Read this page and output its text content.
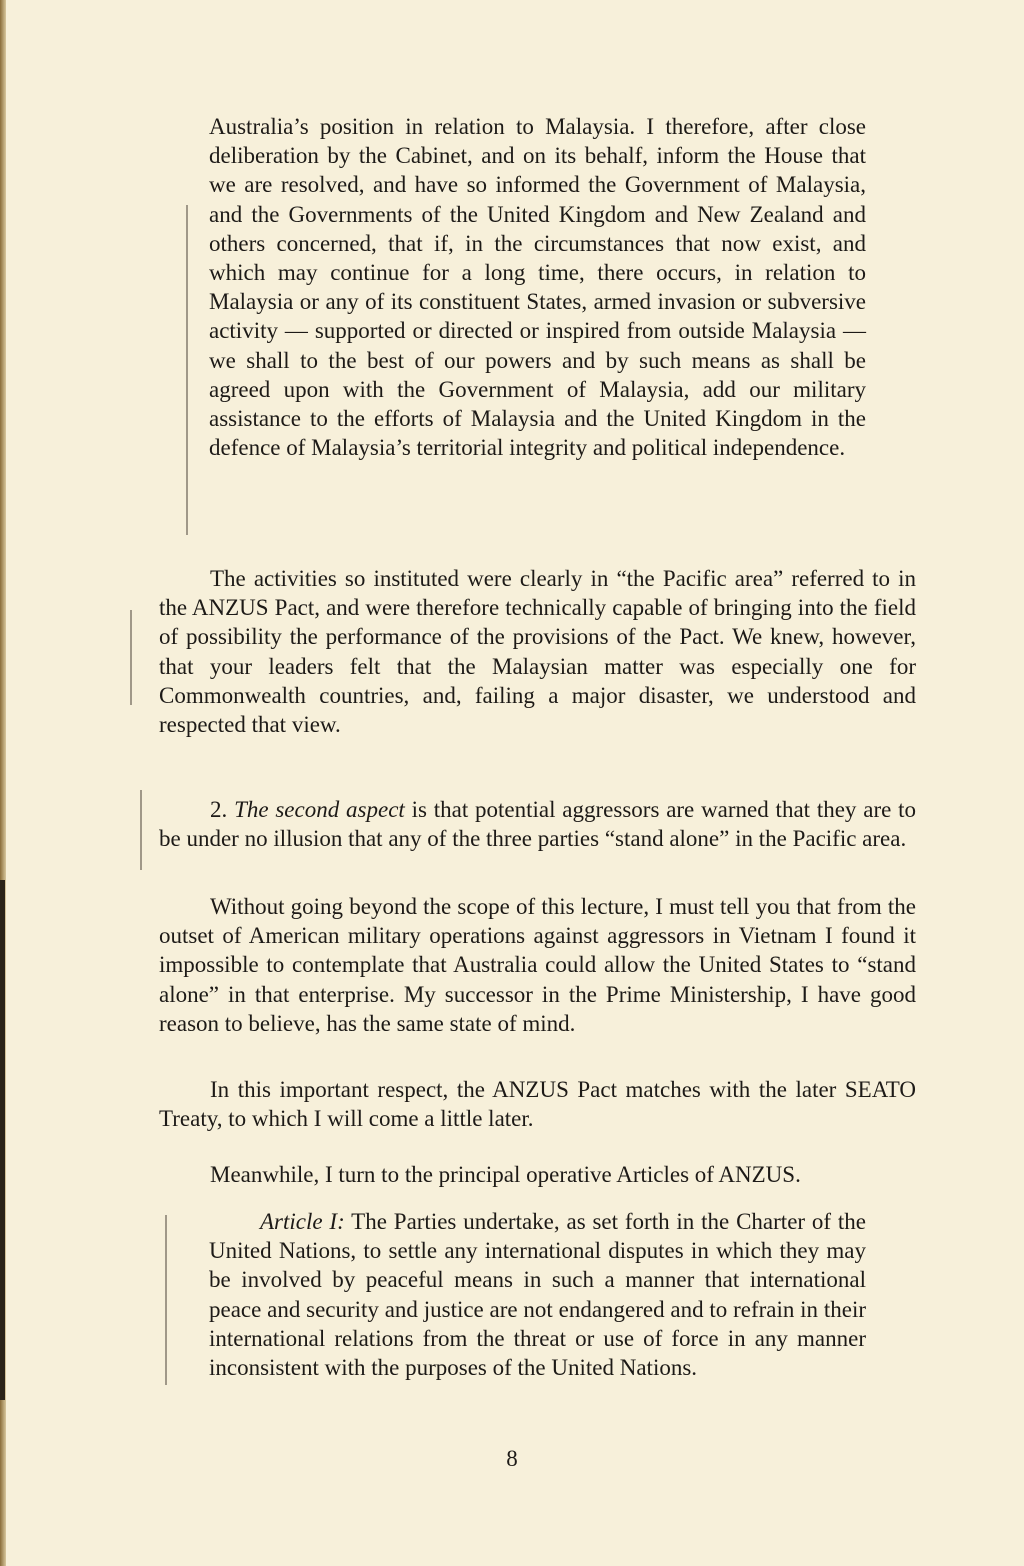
Australia’s position in relation to Malaysia. I therefore, after close deliberation by the Cabinet, and on its behalf, inform the House that we are resolved, and have so informed the Government of Malaysia, and the Governments of the United Kingdom and New Zealand and others concerned, that if, in the circumstances that now exist, and which may continue for a long time, there occurs, in relation to Malaysia or any of its constituent States, armed invasion or subversive activity — supported or directed or inspired from outside Malaysia — we shall to the best of our powers and by such means as shall be agreed upon with the Government of Malaysia, add our military assistance to the efforts of Malaysia and the United Kingdom in the defence of Malaysia’s territorial integrity and political independence.

The activities so instituted were clearly in “the Pacific area” referred to in the ANZUS Pact, and were therefore technically capable of bringing into the field of possibility the performance of the provisions of the Pact. We knew, however, that your leaders felt that the Malaysian matter was especially one for Commonwealth countries, and, failing a major disaster, we understood and respected that view.

2. The second aspect is that potential aggressors are warned that they are to be under no illusion that any of the three parties “stand alone” in the Pacific area.

Without going beyond the scope of this lecture, I must tell you that from the outset of American military operations against aggressors in Vietnam I found it impossible to contemplate that Australia could allow the United States to “stand alone” in that enterprise. My successor in the Prime Ministership, I have good reason to believe, has the same state of mind.

In this important respect, the ANZUS Pact matches with the later SEATO Treaty, to which I will come a little later.

Meanwhile, I turn to the principal operative Articles of ANZUS.

Article I: The Parties undertake, as set forth in the Charter of the United Nations, to settle any international disputes in which they may be involved by peaceful means in such a manner that international peace and security and justice are not endangered and to refrain in their international relations from the threat or use of force in any manner inconsistent with the purposes of the United Nations.

8
